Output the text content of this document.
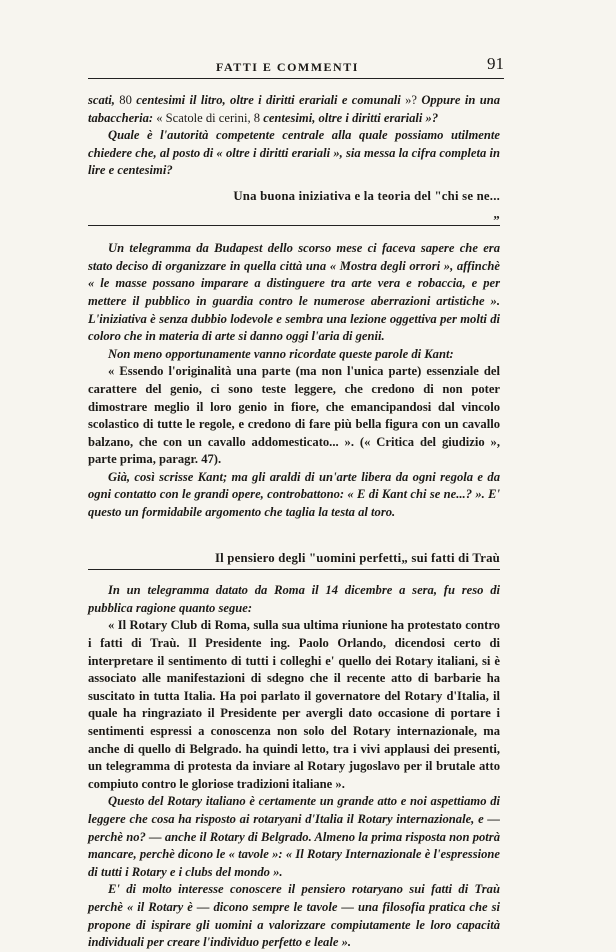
FATTI E COMMENTI	91

scati, 80 centesimi il litro, oltre i diritti erariali e comunali »? Oppure in una tabaccheria: « Scatole di cerini, 8 centesimi, oltre i diritti erariali »?

Quale è l'autorità competente centrale alla quale possiamo utilmente chiedere che, al posto di « oltre i diritti erariali », sia messa la cifra completa in lire e centesimi?

Una buona iniziativa e la teoria del "chi se ne...„

Un telegramma da Budapest dello scorso mese ci faceva sapere che era stato deciso di organizzare in quella città una « Mostra degli orrori », affinchè « le masse possano imparare a distinguere tra arte vera e robaccia, e per mettere il pubblico in guardia contro le numerose aberrazioni artistiche ». L'iniziativa è senza dubbio lodevole e sembra una lezione oggettiva per molti di coloro che in materia di arte si danno oggi l'aria di genii.

Non meno opportunamente vanno ricordate queste parole di Kant:

« Essendo l'originalità una parte (ma non l'unica parte) essenziale del carattere del genio, ci sono teste leggere, che credono di non poter dimostrare meglio il loro genio in fiore, che emancipandosi dal vincolo scolastico di tutte le regole, e credono di fare più bella figura con un cavallo balzano, che con un cavallo addomesticato... ». (« Critica del giudizio », parte prima, paragr. 47).

Già, così scrisse Kant; ma gli araldi di un'arte libera da ogni regola e da ogni contatto con le grandi opere, controbattono: « E di Kant chi se ne...? ». E' questo un formidabile argomento che taglia la testa al toro.

Il pensiero degli "uomini perfetti„ sui fatti di Traù

In un telegramma datato da Roma il 14 dicembre a sera, fu reso di pubblica ragione quanto segue:

« Il Rotary Club di Roma, sulla sua ultima riunione ha protestato contro i fatti di Traù. Il Presidente ing. Paolo Orlando, dicendosi certo di interpretare il sentimento di tutti i colleghi e' quello dei Rotary italiani, si è associato alle manifestazioni di sdegno che il recente atto di barbarie ha suscitato in tutta Italia. Ha poi parlato il governatore del Rotary d'Italia, il quale ha ringraziato il Presidente per avergli dato occasione di portare i sentimenti espressi a conoscenza non solo del Rotary internazionale, ma anche di quello di Belgrado. ha quindi letto, tra i vivi applausi dei presenti, un telegramma di protesta da inviare al Rotary jugoslavo per il brutale atto compiuto contro le gloriose tradizioni italiane ».

Questo del Rotary italiano è certamente un grande atto e noi aspettiamo di leggere che cosa ha risposto ai rotaryani d'Italia il Rotary internazionale, e —perchè no? — anche il Rotary di Belgrado. Almeno la prima risposta non potrà mancare, perchè dicono le « tavole »: « Il Rotary Internazionale è l'espressione di tutti i Rotary e i clubs del mondo ».

E' di molto interesse conoscere il pensiero rotaryano sui fatti di Traù perchè « il Rotary è — dicono sempre le tavole — una filosofia pratica che si propone di ispirare gli uomini a valorizzare compiutamente le loro capacità individuali per creare l'individuo perfetto e leale ».
